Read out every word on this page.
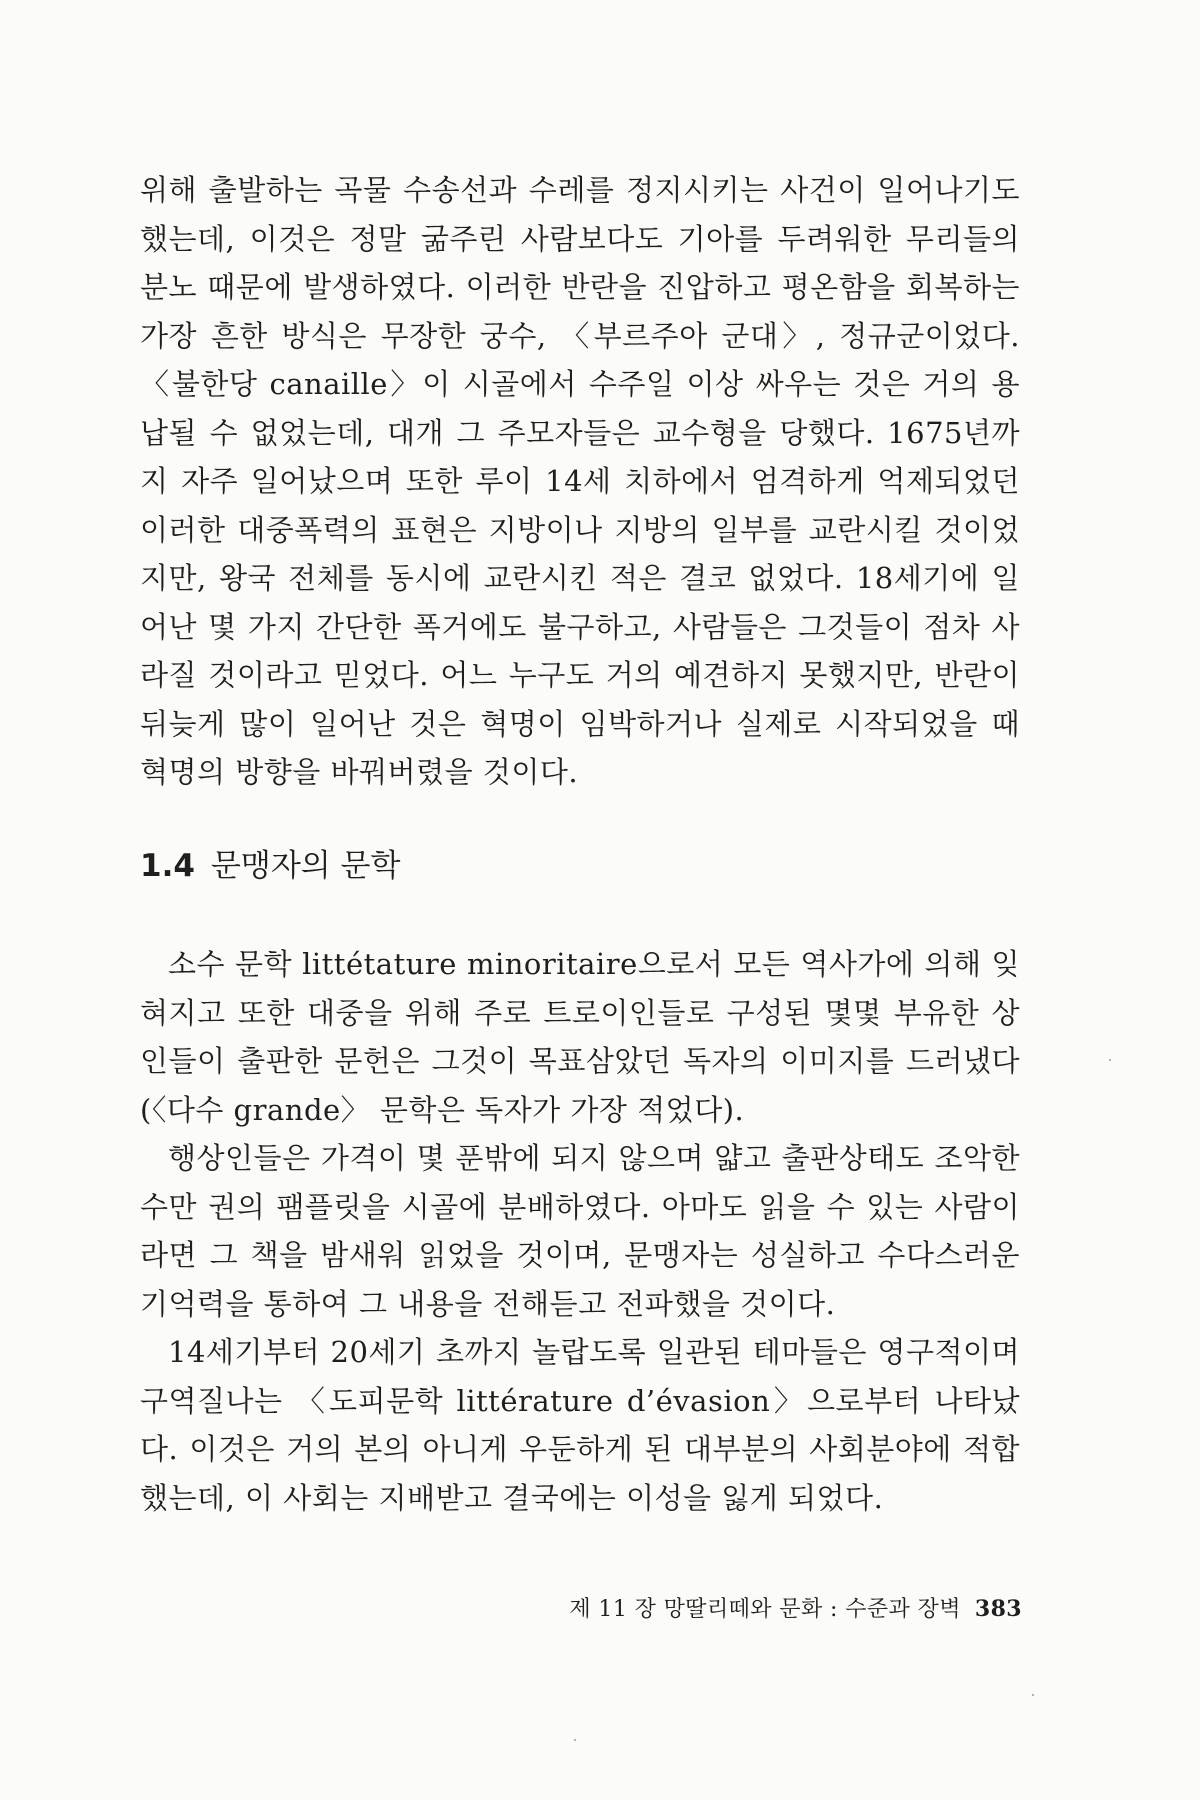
위해 출발하는 곡물 수송선과 수레를 정지시키는 사건이 일어나기도 했는데, 이것은 정말 굶주린 사람보다도 기아를 두려워한 무리들의 분노 때문에 발생하였다. 이러한 반란을 진압하고 평온함을 회복하는 가장 흔한 방식은 무장한 궁수, 〈부르주아 군대〉, 정규군이었다. 〈불한당 canaille〉이 시골에서 수주일 이상 싸우는 것은 거의 용납될 수 없었는데, 대개 그 주모자들은 교수형을 당했다. 1675년까지 자주 일어났으며 또한 루이 14세 치하에서 엄격하게 억제되었던 이러한 대중폭력의 표현은 지방이나 지방의 일부를 교란시킬 것이었지만, 왕국 전체를 동시에 교란시킨 적은 결코 없었다. 18세기에 일어난 몇 가지 간단한 폭거에도 불구하고, 사람들은 그것들이 점차 사라질 것이라고 믿었다. 어느 누구도 거의 예견하지 못했지만, 반란이 뒤늦게 많이 일어난 것은 혁명이 임박하거나 실제로 시작되었을 때 혁명의 방향을 바꿔버렸을 것이다.

1.4 문맹자의 문학

소수 문학 littétature minoritaire으로서 모든 역사가에 의해 잊혀지고 또한 대중을 위해 주로 트로이인들로 구성된 몇몇 부유한 상인들이 출판한 문헌은 그것이 목표삼았던 독자의 이미지를 드러냈다(〈다수 grande〉 문학은 독자가 가장 적었다).

행상인들은 가격이 몇 푼밖에 되지 않으며 얇고 출판상태도 조악한 수만 권의 팸플릿을 시골에 분배하였다. 아마도 읽을 수 있는 사람이라면 그 책을 밤새워 읽었을 것이며, 문맹자는 성실하고 수다스러운 기억력을 통하여 그 내용을 전해듣고 전파했을 것이다.

14세기부터 20세기 초까지 놀랍도록 일관된 테마들은 영구적이며 구역질나는 〈도피문학 littérature d’évasion〉으로부터 나타났다. 이것은 거의 본의 아니게 우둔하게 된 대부분의 사회분야에 적합했는데, 이 사회는 지배받고 결국에는 이성을 잃게 되었다.

제 11 장 망딸리떼와 문화 : 수준과 장벽 383
